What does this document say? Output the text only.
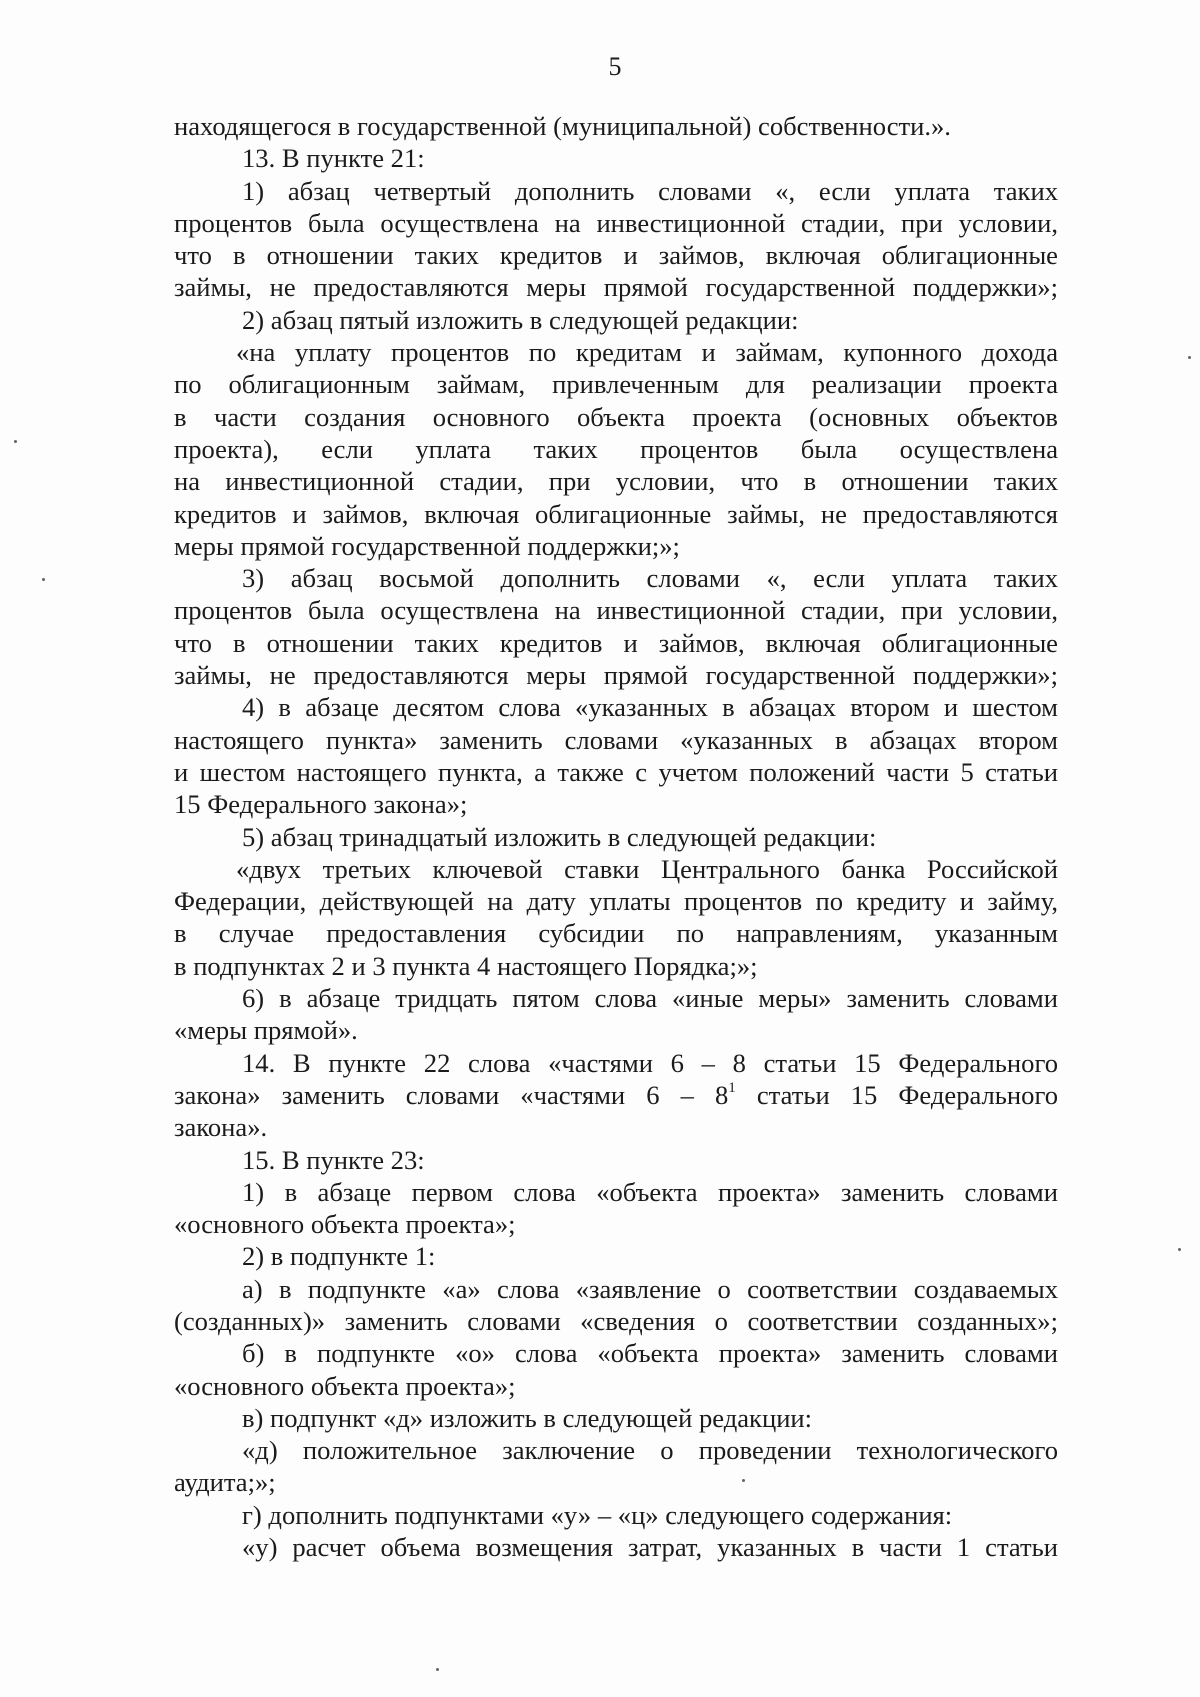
5
находящегося в государственной (муниципальной) собственности.».
13. В пункте 21:
1) абзац четвертый дополнить словами «, если уплата таких
процентов была осуществлена на инвестиционной стадии, при условии,
что в отношении таких кредитов и займов, включая облигационные
займы, не предоставляются меры прямой государственной поддержки»;
2) абзац пятый изложить в следующей редакции:
«на уплату процентов по кредитам и займам, купонного дохода
по облигационным займам, привлеченным для реализации проекта
в части создания основного объекта проекта (основных объектов
проекта), если уплата таких процентов была осуществлена
на инвестиционной стадии, при условии, что в отношении таких
кредитов и займов, включая облигационные займы, не предоставляются
меры прямой государственной поддержки;»;
3) абзац восьмой дополнить словами «, если уплата таких
процентов была осуществлена на инвестиционной стадии, при условии,
что в отношении таких кредитов и займов, включая облигационные
займы, не предоставляются меры прямой государственной поддержки»;
4) в абзаце десятом слова «указанных в абзацах втором и шестом
настоящего пункта» заменить словами «указанных в абзацах втором
и шестом настоящего пункта, а также с учетом положений части 5 статьи
15 Федерального закона»;
5) абзац тринадцатый изложить в следующей редакции:
«двух третьих ключевой ставки Центрального банка Российской
Федерации, действующей на дату уплаты процентов по кредиту и займу,
в случае предоставления субсидии по направлениям, указанным
в подпунктах 2 и 3 пункта 4 настоящего Порядка;»;
6) в абзаце тридцать пятом слова «иные меры» заменить словами
«меры прямой».
14. В пункте 22 слова «частями 6 – 8 статьи 15 Федерального
закона» заменить словами «частями $6 - 8^1$ статьи 15 Федерального
закона».
15. В пункте 23:
1) в абзаце первом слова «объекта проекта» заменить словами
«основного объекта проекта»;
2) в подпункте 1:
а) в подпункте «а» слова «заявление о соответствии создаваемых
(созданных)» заменить словами «сведения о соответствии созданных»;
б) в подпункте «о» слова «объекта проекта» заменить словами
«основного объекта проекта»;
в) подпункт «д» изложить в следующей редакции:
«д) положительное заключение о проведении технологического
аудита;»;
г) дополнить подпунктами «у» – «ц» следующего содержания:
«у) расчет объема возмещения затрат, указанных в части 1 статьи
